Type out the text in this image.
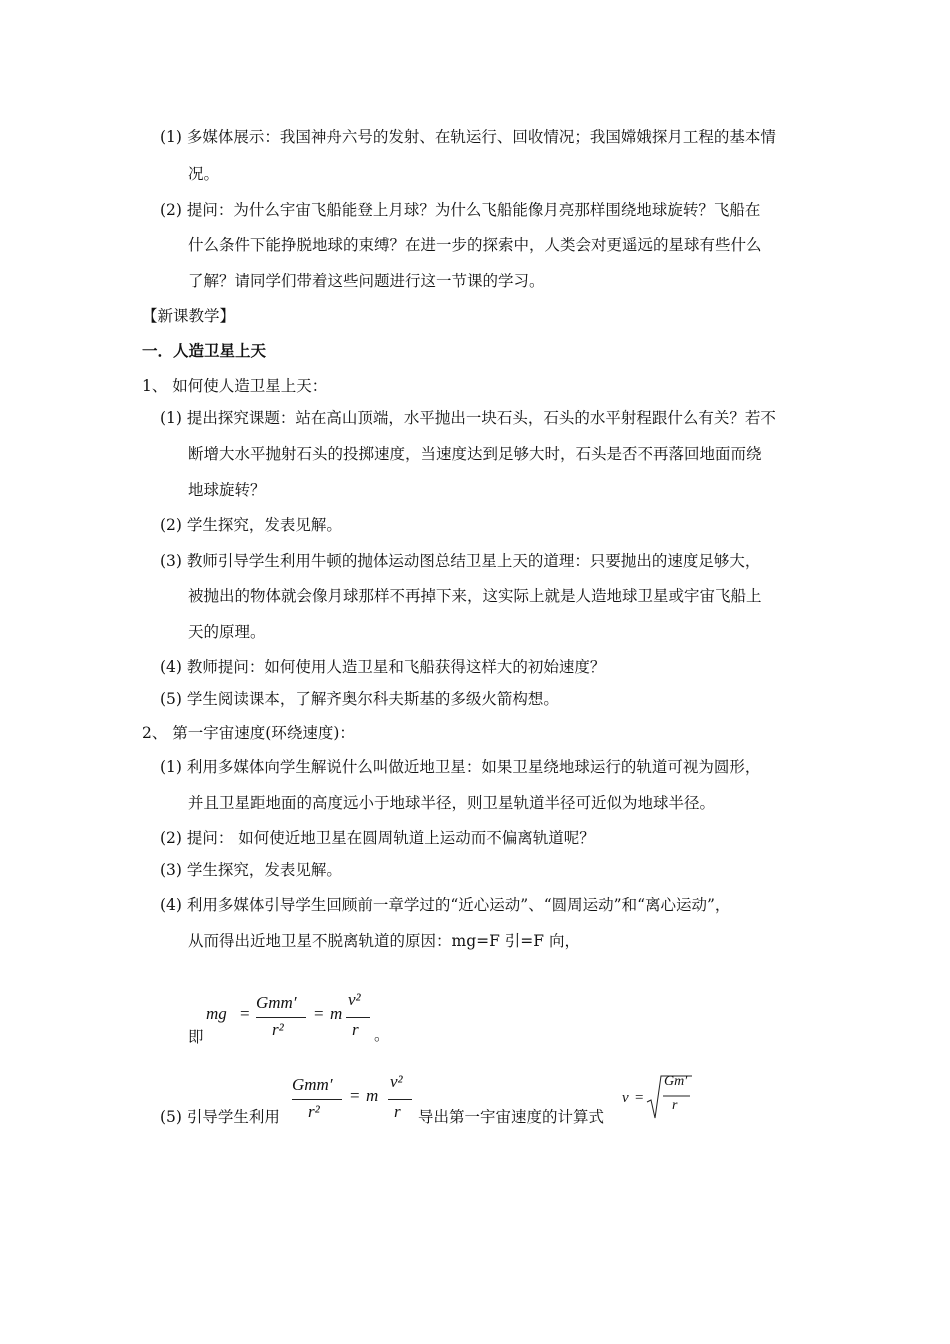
(1) 多媒体展示：我国神舟六号的发射、在轨运行、回收情况；我国嫦娥探月工程的基本情
况。
(2) 提问：为什么宇宙飞船能登上月球？为什么飞船能像月亮那样围绕地球旋转？飞船在
什么条件下能挣脱地球的束缚？在进一步的探索中，人类会对更遥远的星球有些什么
了解？请同学们带着这些问题进行这一节课的学习。
【新课教学】
一．人造卫星上天
1、 如何使人造卫星上天：
(1) 提出探究课题：站在高山顶端，水平抛出一块石头，石头的水平射程跟什么有关？若不
断增大水平抛射石头的投掷速度，当速度达到足够大时，石头是否不再落回地面而绕
地球旋转？
(2) 学生探究，发表见解。
(3) 教师引导学生利用牛顿的抛体运动图总结卫星上天的道理：只要抛出的速度足够大，
被抛出的物体就会像月球那样不再掉下来，这实际上就是人造地球卫星或宇宙飞船上
天的原理。
(4) 教师提问：如何使用人造卫星和飞船获得这样大的初始速度？
(5) 学生阅读课本，了解齐奥尔科夫斯基的多级火箭构想。
2、 第一宇宙速度(环绕速度)：
(1) 利用多媒体向学生解说什么叫做近地卫星：如果卫星绕地球运行的轨道可视为圆形，
并且卫星距地面的高度远小于地球半径，则卫星轨道半径可近似为地球半径。
(2) 提问： 如何使近地卫星在圆周轨道上运动而不偏离轨道呢？
(3) 学生探究，发表见解。
(4) 利用多媒体引导学生回顾前一章学过的“近心运动”、“圆周运动”和“离心运动”，
从而得出近地卫星不脱离轨道的原因：mg=F 引=F 向，
即
mg =
Gmm′
r²
= m
v²
r 。
(5) 引导学生利用
Gmm′
r²
= m
v²
r 导出第一宇宙速度的计算式
v =
Gm′
r
